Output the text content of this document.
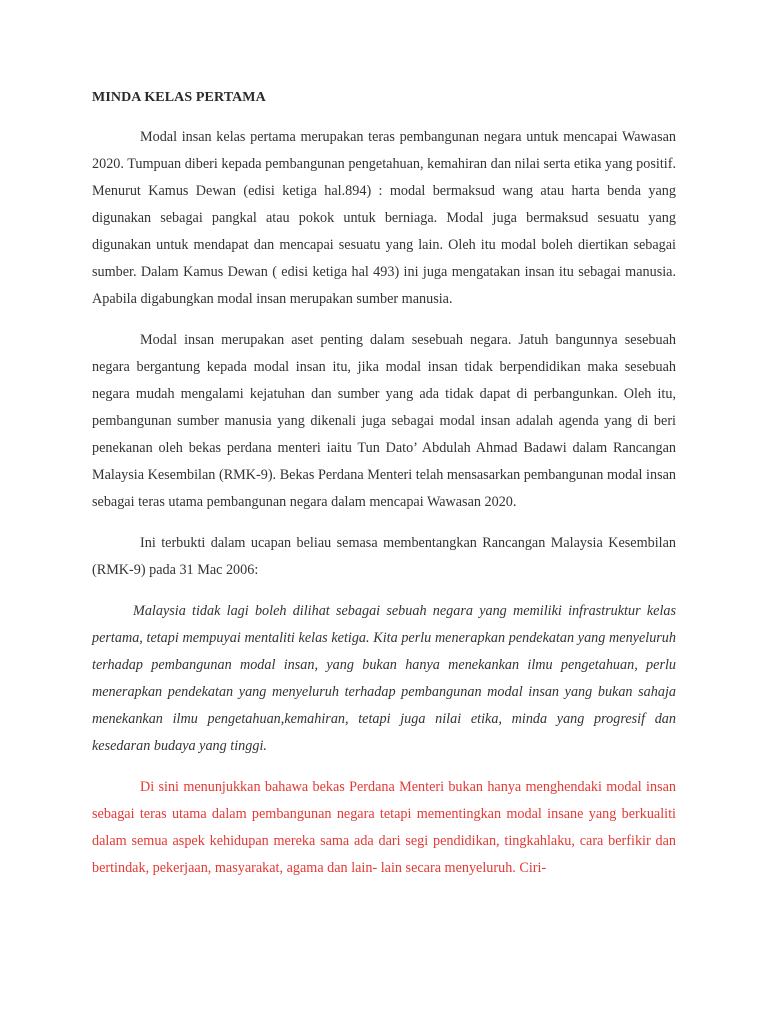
MINDA KELAS PERTAMA

Modal insan kelas pertama merupakan teras pembangunan negara untuk mencapai Wawasan 2020. Tumpuan diberi kepada pembangunan pengetahuan, kemahiran dan nilai serta etika yang positif. Menurut Kamus Dewan (edisi ketiga hal.894) : modal bermaksud wang atau harta benda yang digunakan sebagai pangkal atau pokok untuk berniaga. Modal juga bermaksud sesuatu yang digunakan untuk mendapat dan mencapai sesuatu yang lain. Oleh itu modal boleh diertikan sebagai sumber. Dalam Kamus Dewan ( edisi ketiga hal 493) ini juga mengatakan insan itu sebagai manusia. Apabila digabungkan modal insan merupakan sumber manusia.

Modal insan merupakan aset penting dalam sesebuah negara. Jatuh bangunnya sesebuah negara bergantung kepada modal insan itu, jika modal insan tidak berpendidikan maka sesebuah negara mudah mengalami kejatuhan dan sumber yang ada tidak dapat di perbangunkan. Oleh itu, pembangunan sumber manusia yang dikenali juga sebagai modal insan adalah agenda yang di beri penekanan oleh bekas perdana menteri iaitu Tun Dato’ Abdulah Ahmad Badawi dalam Rancangan Malaysia Kesembilan (RMK-9). Bekas Perdana Menteri telah mensasarkan pembangunan modal insan sebagai teras utama pembangunan negara dalam mencapai Wawasan 2020.

Ini terbukti dalam ucapan beliau semasa membentangkan Rancangan Malaysia Kesembilan (RMK-9) pada 31 Mac 2006:

Malaysia tidak lagi boleh dilihat sebagai sebuah negara yang memiliki infrastruktur kelas pertama, tetapi mempuyai mentaliti kelas ketiga. Kita perlu menerapkan pendekatan yang menyeluruh terhadap pembangunan modal insan, yang bukan hanya menekankan ilmu pengetahuan, perlu menerapkan pendekatan yang menyeluruh terhadap pembangunan modal insan yang bukan sahaja menekankan ilmu pengetahuan,kemahiran, tetapi juga nilai etika, minda yang progresif dan kesedaran budaya yang tinggi.

Di sini menunjukkan bahawa bekas Perdana Menteri bukan hanya menghendaki modal insan sebagai teras utama dalam pembangunan negara tetapi mementingkan modal insane yang berkualiti dalam semua aspek kehidupan mereka sama ada dari segi pendidikan, tingkahlaku, cara berfikir dan bertindak, pekerjaan, masyarakat, agama dan lain- lain secara menyeluruh. Ciri-
